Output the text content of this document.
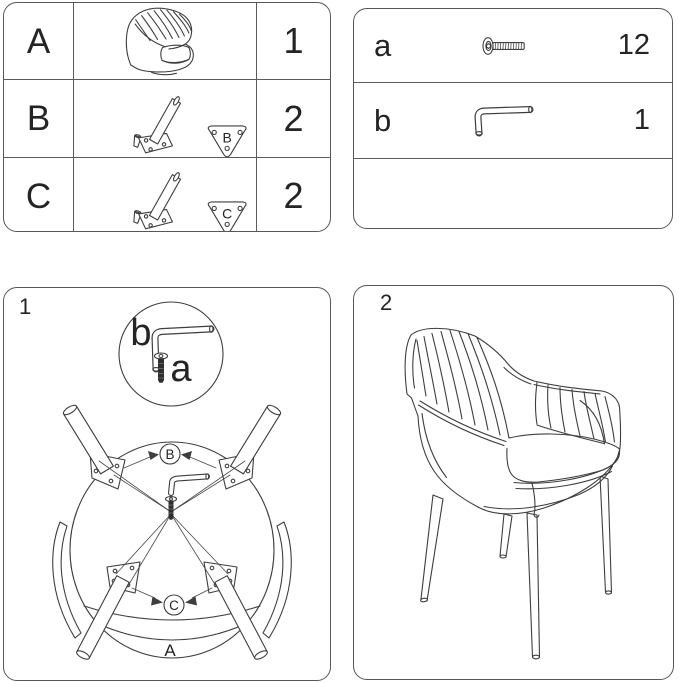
A	1
B	B 2
C	C 2
a	12
b	1
1
A
B
C
b
a
2
